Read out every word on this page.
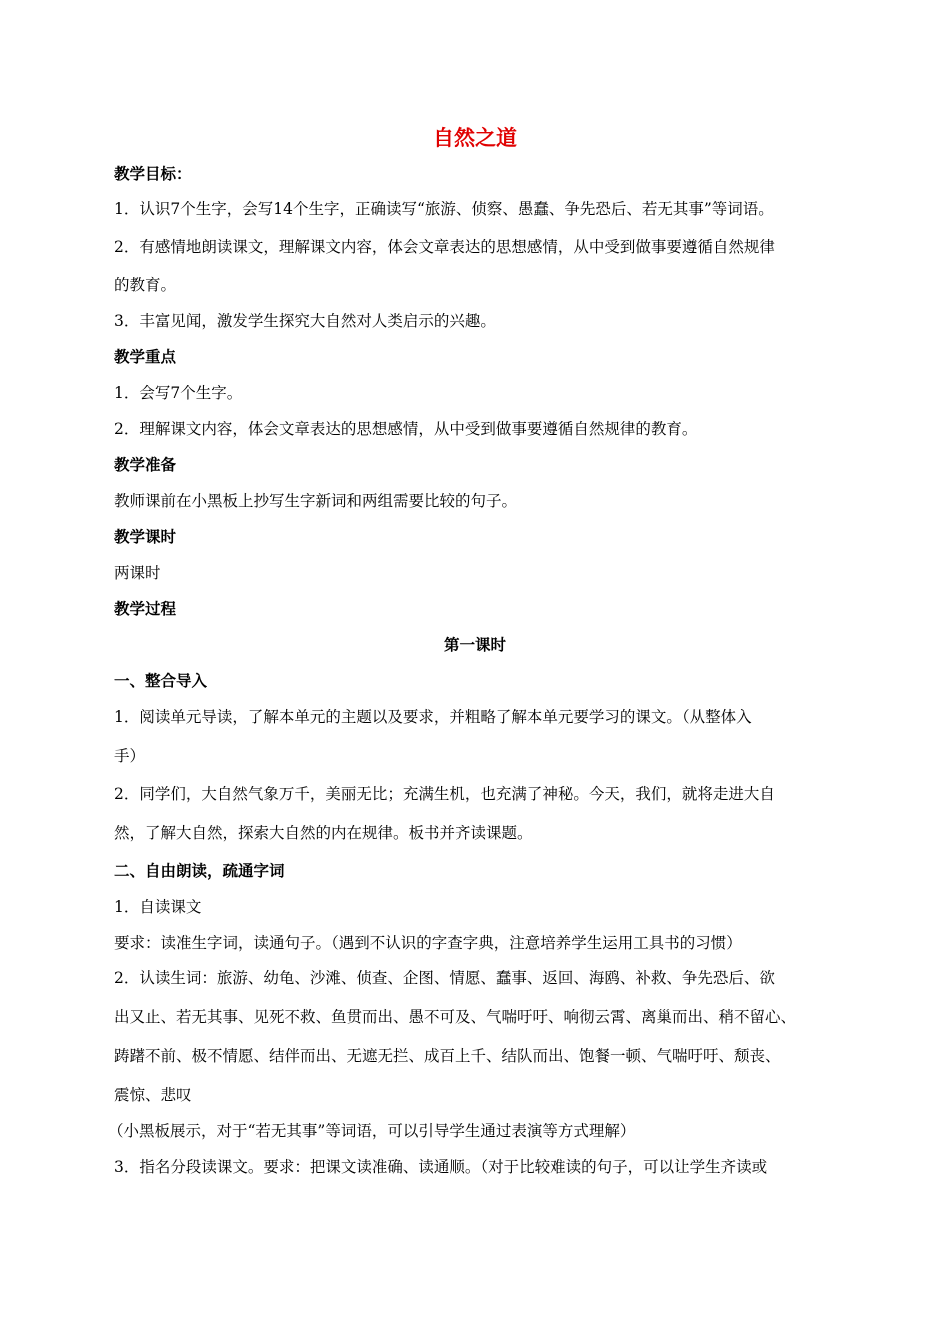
自然之道
教学目标：
1．认识7个生字，会写14个生字，正确读写“旅游、侦察、愚蠢、争先恐后、若无其事”等词语。
2．有感情地朗读课文，理解课文内容，体会文章表达的思想感情，从中受到做事要遵循自然规律
的教育。
3．丰富见闻，激发学生探究大自然对人类启示的兴趣。
教学重点
1．会写7个生字。
2．理解课文内容，体会文章表达的思想感情，从中受到做事要遵循自然规律的教育。
教学准备
教师课前在小黑板上抄写生字新词和两组需要比较的句子。
教学课时
两课时
教学过程
第一课时
一、整合导入
1．阅读单元导读，了解本单元的主题以及要求，并粗略了解本单元要学习的课文。（从整体入
手）
2．同学们，大自然气象万千，美丽无比；充满生机，也充满了神秘。今天，我们，就将走进大自
然，了解大自然，探索大自然的内在规律。板书并齐读课题。
二、自由朗读，疏通字词
1．自读课文
要求：读准生字词，读通句子。（遇到不认识的字查字典，注意培养学生运用工具书的习惯）
2．认读生词：旅游、幼龟、沙滩、侦查、企图、情愿、蠢事、返回、海鸥、补救、争先恐后、欲
出又止、若无其事、见死不救、鱼贯而出、愚不可及、气喘吁吁、响彻云霄、离巢而出、稍不留心、
踌躇不前、极不情愿、结伴而出、无遮无拦、成百上千、结队而出、饱餐一顿、气喘吁吁、颓丧、
震惊、悲叹
（小黑板展示，对于“若无其事”等词语，可以引导学生通过表演等方式理解）
3．指名分段读课文。要求：把课文读准确、读通顺。（对于比较难读的句子，可以让学生齐读或
